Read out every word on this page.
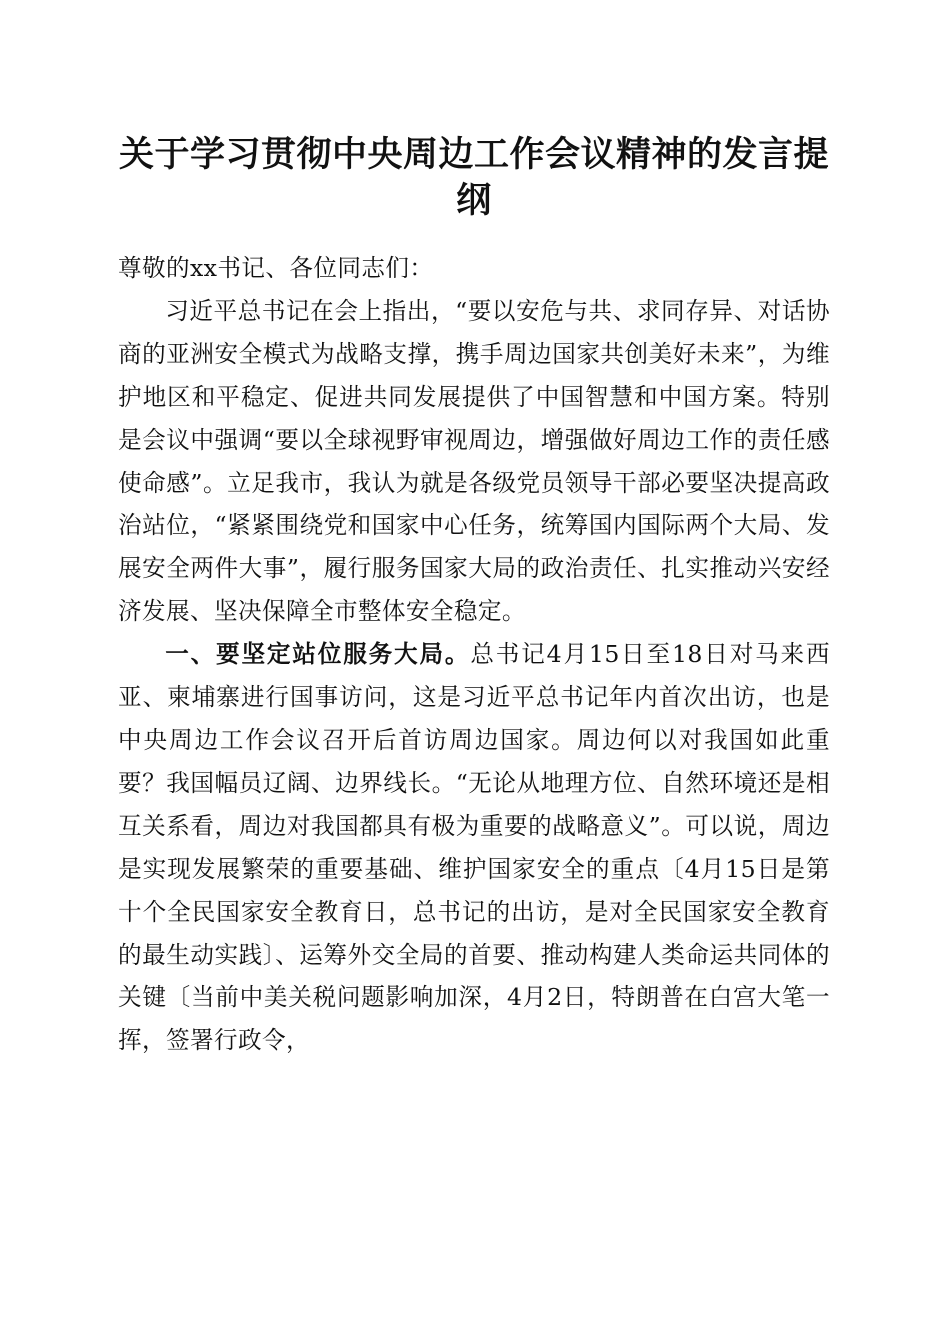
关于学习贯彻中央周边工作会议精神的发言提纲

尊敬的xx书记、各位同志们：

习近平总书记在会上指出，“要以安危与共、求同存异、对话协商的亚洲安全模式为战略支撑，携手周边国家共创美好未来”，为维护地区和平稳定、促进共同发展提供了中国智慧和中国方案。特别是会议中强调“要以全球视野审视周边，增强做好周边工作的责任感使命感”。立足我市，我认为就是各级党员领导干部必要坚决提高政治站位，“紧紧围绕党和国家中心任务，统筹国内国际两个大局、发展安全两件大事”，履行服务国家大局的政治责任、扎实推动兴安经济发展、坚决保障全市整体安全稳定。

一、要坚定站位服务大局。总书记4月15日至18日对马来西亚、柬埔寨进行国事访问，这是习近平总书记年内首次出访，也是中央周边工作会议召开后首访周边国家。周边何以对我国如此重要？我国幅员辽阔、边界线长。“无论从地理方位、自然环境还是相互关系看，周边对我国都具有极为重要的战略意义”。可以说，周边是实现发展繁荣的重要基础、维护国家安全的重点〔4月15日是第十个全民国家安全教育日，总书记的出访，是对全民国家安全教育的最生动实践〕、运筹外交全局的首要、推动构建人类命运共同体的关键〔当前中美关税问题影响加深，4月2日，特朗普在白宫大笔一挥，签署行政令，
